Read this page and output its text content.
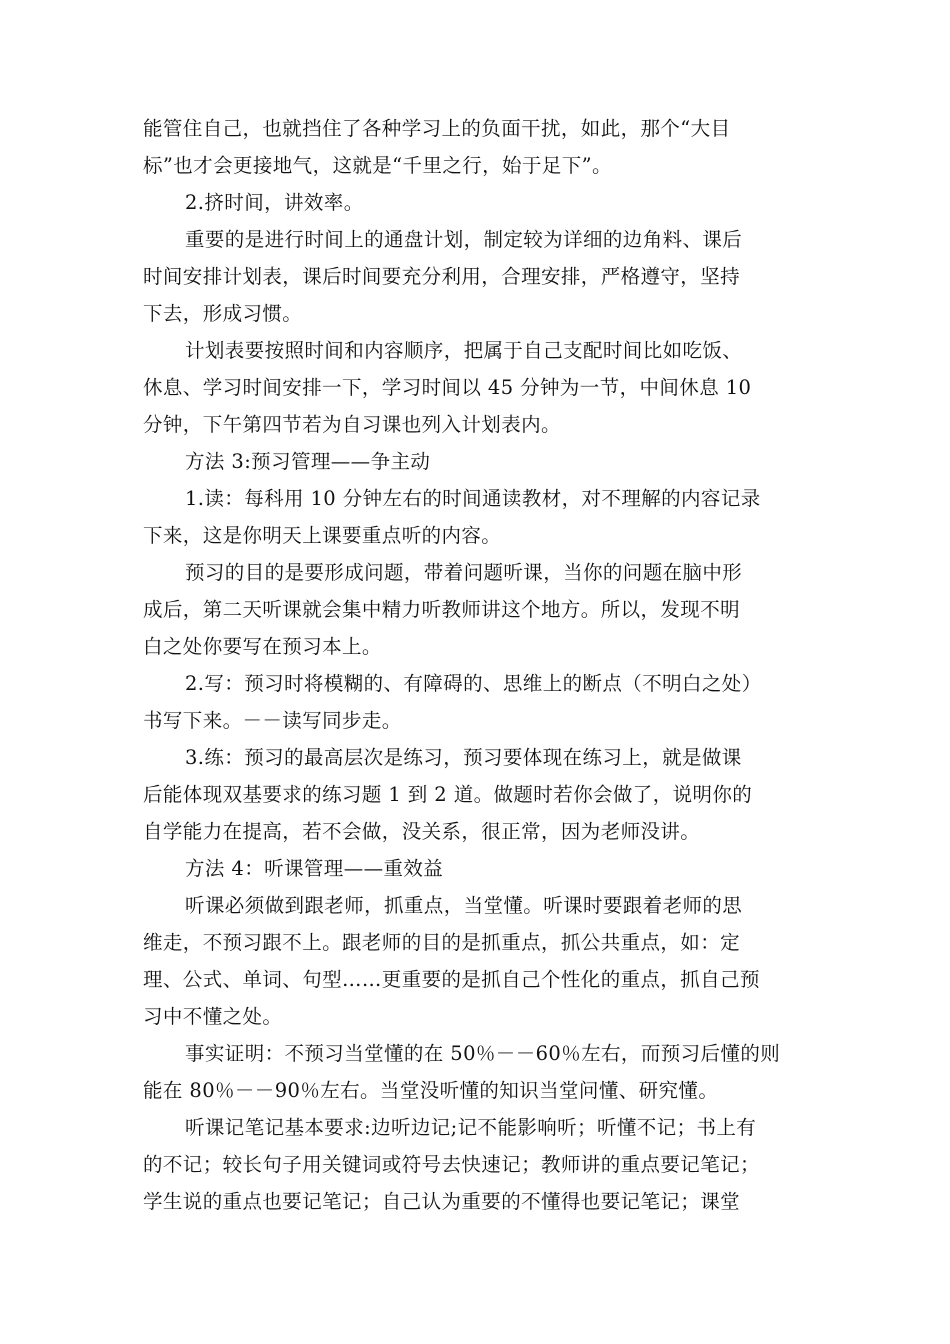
能管住自己，也就挡住了各种学习上的负面干扰，如此，那个“大目
标”也才会更接地气，这就是“千里之行，始于足下”。
2.挤时间，讲效率。
重要的是进行时间上的通盘计划，制定较为详细的边角料、课后
时间安排计划表，课后时间要充分利用，合理安排，严格遵守，坚持
下去，形成习惯。
计划表要按照时间和内容顺序，把属于自己支配时间比如吃饭、
休息、学习时间安排一下，学习时间以 45 分钟为一节，中间休息 10
分钟，下午第四节若为自习课也列入计划表内。
方法 3:预习管理——争主动
1.读：每科用 10 分钟左右的时间通读教材，对不理解的内容记录
下来，这是你明天上课要重点听的内容。
预习的目的是要形成问题，带着问题听课，当你的问题在脑中形
成后，第二天听课就会集中精力听教师讲这个地方。所以，发现不明
白之处你要写在预习本上。
2.写：预习时将模糊的、有障碍的、思维上的断点（不明白之处）
书写下来。－－读写同步走。
3.练：预习的最高层次是练习，预习要体现在练习上，就是做课
后能体现双基要求的练习题 1 到 2 道。做题时若你会做了，说明你的
自学能力在提高，若不会做，没关系，很正常，因为老师没讲。
方法 4：听课管理——重效益
听课必须做到跟老师，抓重点，当堂懂。听课时要跟着老师的思
维走，不预习跟不上。跟老师的目的是抓重点，抓公共重点，如：定
理、公式、单词、句型……更重要的是抓自己个性化的重点，抓自己预
习中不懂之处。
事实证明：不预习当堂懂的在 50％－－60％左右，而预习后懂的则
能在 80％－－90％左右。当堂没听懂的知识当堂问懂、研究懂。
听课记笔记基本要求:边听边记;记不能影响听；听懂不记；书上有
的不记；较长句子用关键词或符号去快速记；教师讲的重点要记笔记；
学生说的重点也要记笔记；自己认为重要的不懂得也要记笔记；课堂
